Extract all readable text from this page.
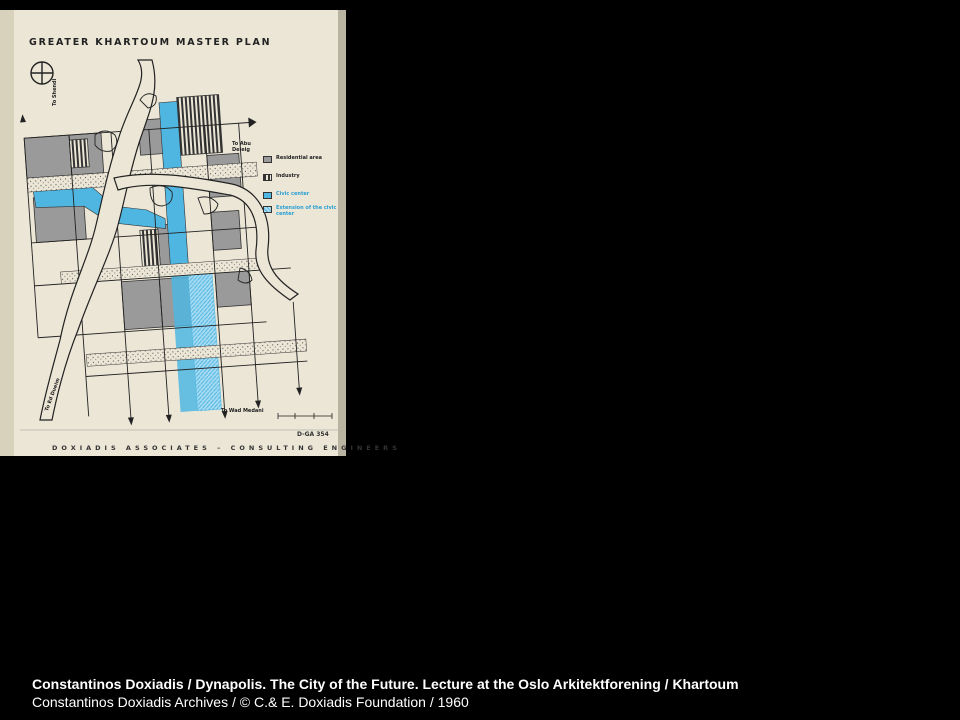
GREATER KHARTOUM MASTER PLAN
To Shendi
To Abu Deleig
To Ed Dueim	To Wad Medani
Residential area
Industry
Civic center
Extension of the civic center
D-GA 354
DOXIADIS ASSOCIATES – CONSULTING ENGINEERS
Constantinos Doxiadis / Dynapolis. The City of the Future. Lecture at the Oslo Arkitektforening / Khartoum
Constantinos Doxiadis Archives / © C.& E. Doxiadis Foundation / 1960
